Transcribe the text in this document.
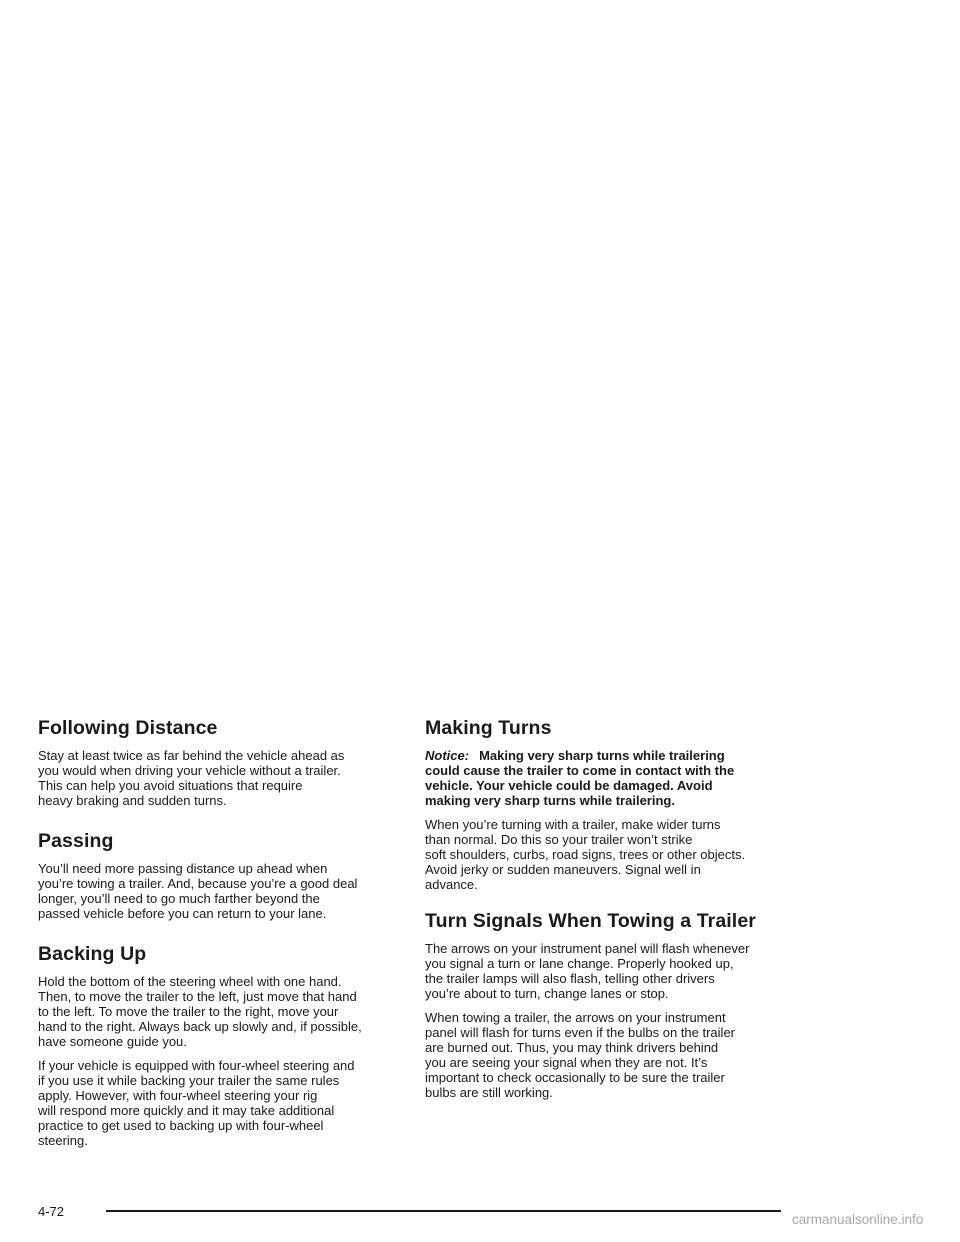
Following Distance

Stay at least twice as far behind the vehicle ahead as
you would when driving your vehicle without a trailer.
This can help you avoid situations that require
heavy braking and sudden turns.

Passing

You’ll need more passing distance up ahead when
you’re towing a trailer. And, because you’re a good deal
longer, you’ll need to go much farther beyond the
passed vehicle before you can return to your lane.

Backing Up

Hold the bottom of the steering wheel with one hand.
Then, to move the trailer to the left, just move that hand
to the left. To move the trailer to the right, move your
hand to the right. Always back up slowly and, if possible,
have someone guide you.

If your vehicle is equipped with four-wheel steering and
if you use it while backing your trailer the same rules
apply. However, with four-wheel steering your rig
will respond more quickly and it may take additional
practice to get used to backing up with four-wheel
steering.

Making Turns

Notice: Making very sharp turns while trailering
could cause the trailer to come in contact with the
vehicle. Your vehicle could be damaged. Avoid
making very sharp turns while trailering.

When you’re turning with a trailer, make wider turns
than normal. Do this so your trailer won’t strike
soft shoulders, curbs, road signs, trees or other objects.
Avoid jerky or sudden maneuvers. Signal well in
advance.

Turn Signals When Towing a Trailer

The arrows on your instrument panel will flash whenever
you signal a turn or lane change. Properly hooked up,
the trailer lamps will also flash, telling other drivers
you’re about to turn, change lanes or stop.

When towing a trailer, the arrows on your instrument
panel will flash for turns even if the bulbs on the trailer
are burned out. Thus, you may think drivers behind
you are seeing your signal when they are not. It’s
important to check occasionally to be sure the trailer
bulbs are still working.

4-72
carmanualsonline.info
